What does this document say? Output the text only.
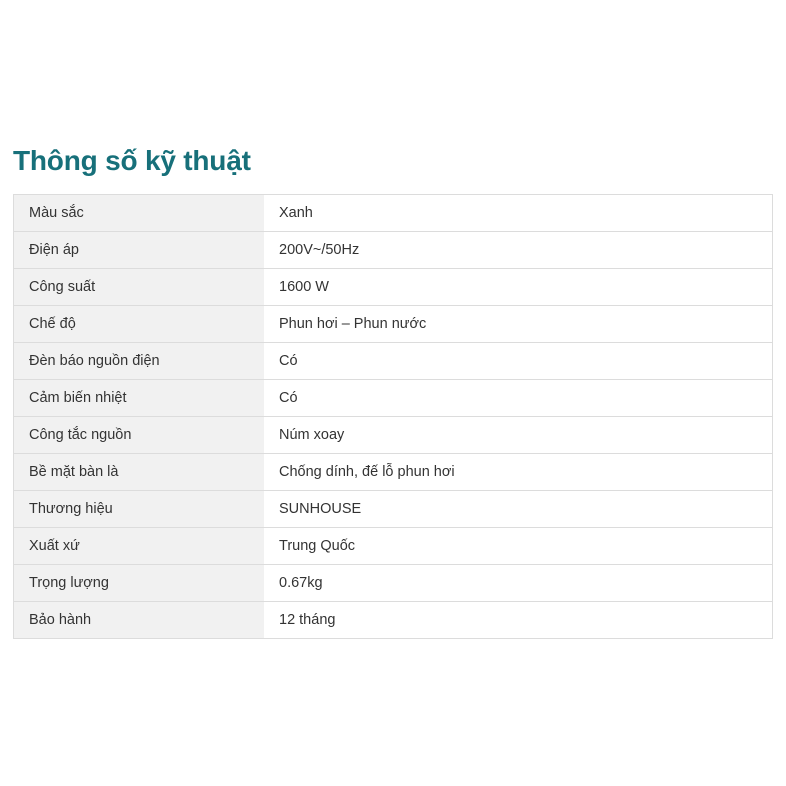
Thông số kỹ thuật
Màu sắc	Xanh
Điện áp	200V~/50Hz
Công suất	1600 W
Chế độ	Phun hơi – Phun nước
Đèn báo nguồn điện	Có
Cảm biến nhiệt	Có
Công tắc nguồn	Núm xoay
Bề mặt bàn là	Chống dính, đế lỗ phun hơi
Thương hiệu	SUNHOUSE
Xuất xứ	Trung Quốc
Trọng lượng	0.67kg
Bảo hành	12 tháng
